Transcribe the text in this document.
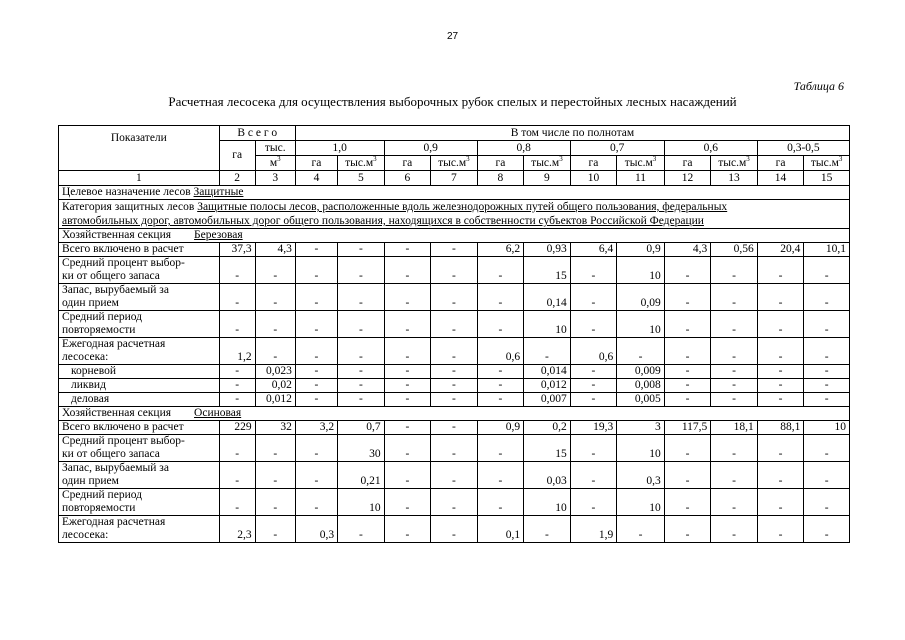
27
Таблица 6
Расчетная лесосека для осуществления выборочных рубок спелых и перестойных лесных насаждений
Показатели	В с е г о		В том числе по полнотам											
	га	тыс.	1,0		0,9		0,8		0,7		0,6		0,3-0,5	
		$м^3$	га	$тыс.м^3$	га	$тыс.м^3$	га	$тыс.м^3$	га	$тыс.м^3$	га	$тыс.м^3$	га	$тыс.м^3$
1	2	3	4	5	6	7	8	9	10	11	12	13	14	15
Целевое назначение лесов Защитные														
Категория защитных лесов Защитные полосы лесов, расположенные вдоль железнодорожных путей общего пользования, федеральных
автомобильных дорог, автомобильных дорог общего пользования, находящихся в собственности субъектов Российской Федерации														
Хозяйственная секция Березовая														
Всего включено в расчет	37,3	4,3	-	-	-	-	6,2	0,93	6,4	0,9	4,3	0,56	20,4	10,1
Средний процент выбор-
ки от общего запаса	-	-	-	-	-	-	-	15	-	10	-	-	-	-
Запас, вырубаемый за
один прием	-	-	-	-	-	-	-	0,14	-	0,09	-	-	-	-
Средний период
повторяемости	-	-	-	-	-	-	-	10	-	10	-	-	-	-
Ежегодная расчетная
лесосека:	1,2	-	-	-	-	-	0,6	-	0,6	-	-	-	-	-
корневой	-	0,023	-	-	-	-	-	0,014	-	0,009	-	-	-	-
ликвид	-	0,02	-	-	-	-	-	0,012	-	0,008	-	-	-	-
деловая	-	0,012	-	-	-	-	-	0,007	-	0,005	-	-	-	-
Хозяйственная секция Осиновая														
Всего включено в расчет	229	32	3,2	0,7	-	-	0,9	0,2	19,3	3	117,5	18,1	88,1	10
Средний процент выбор-
ки от общего запаса	-	-	-	30	-	-	-	15	-	10	-	-	-	-
Запас, вырубаемый за
один прием	-	-	-	0,21	-	-	-	0,03	-	0,3	-	-	-	-
Средний период
повторяемости	-	-	-	10	-	-	-	10	-	10	-	-	-	-
Ежегодная расчетная
лесосека:	2,3	-	0,3	-	-	-	0,1	-	1,9	-	-	-	-	-
